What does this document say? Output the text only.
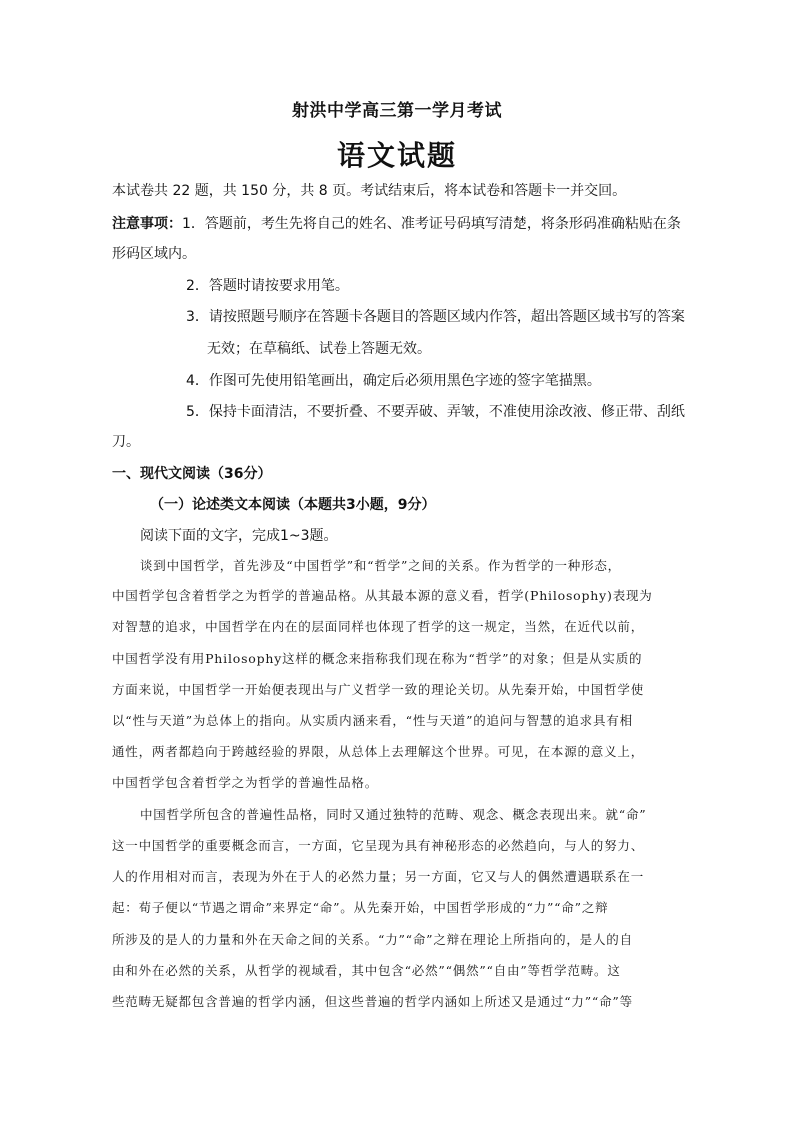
射洪中学高三第一学月考试
语文试题
本试卷共 22 题，共 150 分，共 8 页。考试结束后，将本试卷和答题卡一并交回。
注意事项：1．答题前，考生先将自己的姓名、准考证号码填写清楚，将条形码准确粘贴在条
形码区域内。
2．答题时请按要求用笔。
3．请按照题号顺序在答题卡各题目的答题区域内作答，超出答题区域书写的答案
无效；在草稿纸、试卷上答题无效。
4．作图可先使用铅笔画出，确定后必须用黑色字迹的签字笔描黑。
5．保持卡面清洁，不要折叠、不要弄破、弄皱，不准使用涂改液、修正带、刮纸
刀。
一、现代文阅读（36分）
（一）论述类文本阅读（本题共3小题，9分）
阅读下面的文字，完成1~3题。
谈到中国哲学，首先涉及“中国哲学”和“哲学”之间的关系。作为哲学的一种形态，
中国哲学包含着哲学之为哲学的普遍品格。从其最本源的意义看，哲学(Philosophy)表现为
对智慧的追求，中国哲学在内在的层面同样也体现了哲学的这一规定，当然，在近代以前，
中国哲学没有用Philosophy这样的概念来指称我们现在称为“哲学”的对象；但是从实质的
方面来说，中国哲学一开始便表现出与广义哲学一致的理论关切。从先秦开始，中国哲学使
以“性与天道”为总体上的指向。从实质内涵来看，“性与天道”的追问与智慧的追求具有相
通性，两者都趋向于跨越经验的界限，从总体上去理解这个世界。可见，在本源的意义上，
中国哲学包含着哲学之为哲学的普遍性品格。
中国哲学所包含的普遍性品格，同时又通过独特的范畴、观念、概念表现出来。就“命”
这一中国哲学的重要概念而言，一方面，它呈现为具有神秘形态的必然趋向，与人的努力、
人的作用相对而言，表现为外在于人的必然力量；另一方面，它又与人的偶然遭遇联系在一
起：荀子便以“节遇之谓命”来界定“命”。从先秦开始，中国哲学形成的“力”“命”之辩
所涉及的是人的力量和外在天命之间的关系。“力”“命”之辩在理论上所指向的，是人的自
由和外在必然的关系，从哲学的视域看，其中包含“必然”“偶然”“自由”等哲学范畴。这
些范畴无疑都包含普遍的哲学内涵，但这些普遍的哲学内涵如上所述又是通过“力”“命”等
